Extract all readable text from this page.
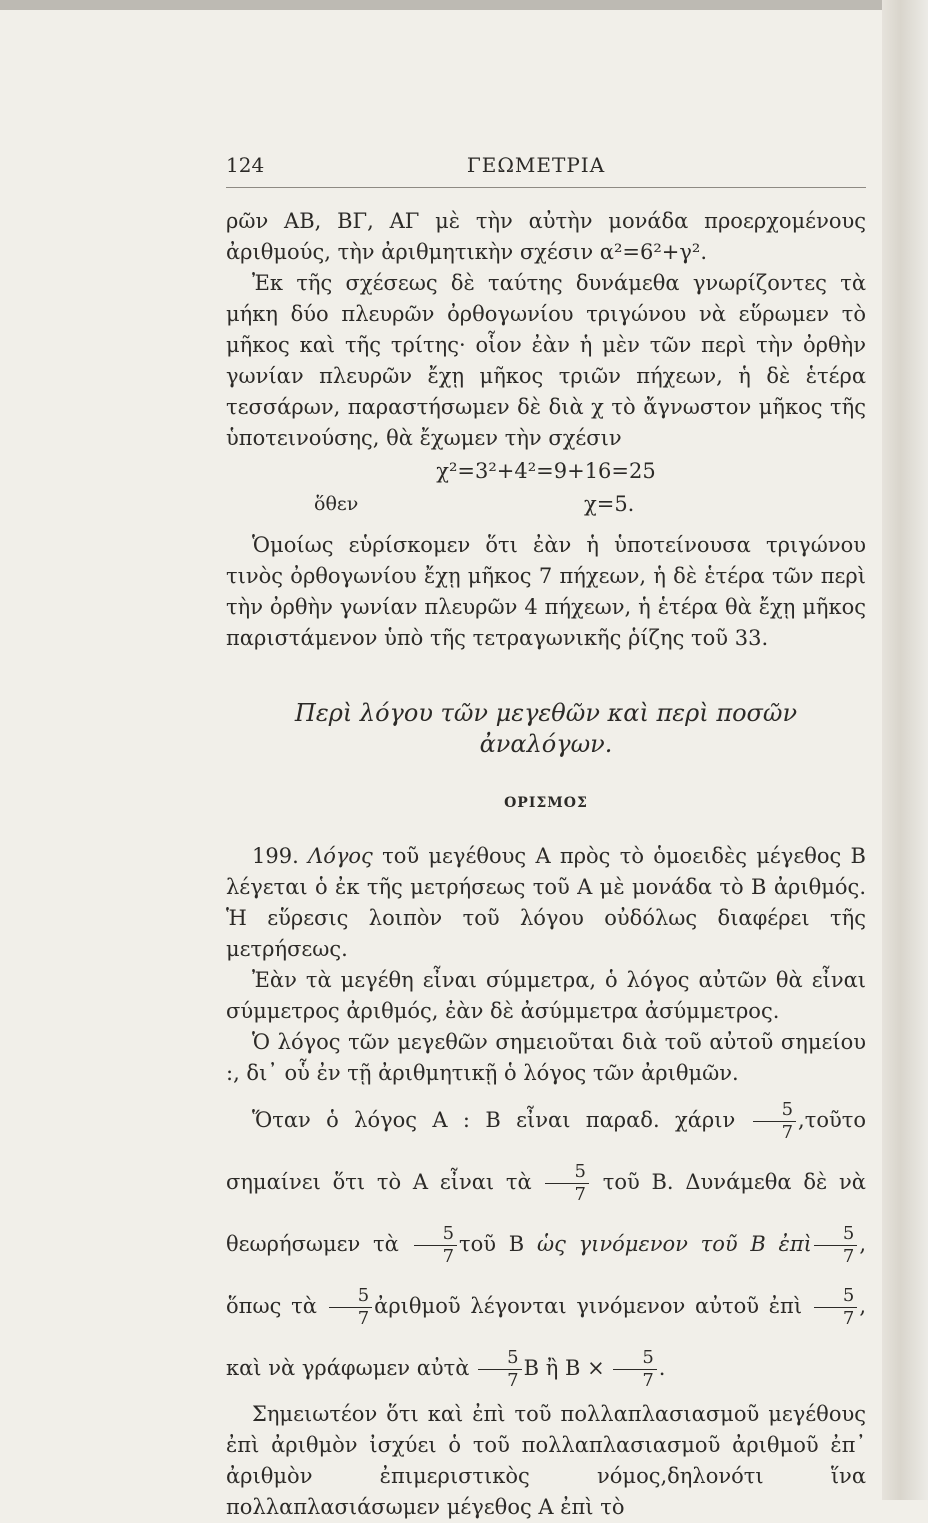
124	ΓΕΩΜΕΤΡΙΑ

ρῶν ΑΒ, ΒΓ, ΑΓ μὲ τὴν αὐτὴν μονάδα προερχομένους ἀριθμούς, τὴν ἀριθμητικὴν σχέσιν α²=6²+γ².

Ἐκ τῆς σχέσεως δὲ ταύτης δυνάμεθα γνωρίζοντες τὰ μήκη δύο πλευρῶν ὀρθογωνίου τριγώνου νὰ εὕρωμεν τὸ μῆκος καὶ τῆς τρίτης· οἷον ἐὰν ἡ μὲν τῶν περὶ τὴν ὀρθὴν γωνίαν πλευρῶν ἔχῃ μῆκος τριῶν πήχεων, ἡ δὲ ἑτέρα τεσσάρων, παραστήσωμεν δὲ διὰ χ τὸ ἄγνωστον μῆκος τῆς ὑποτεινούσης, θὰ ἔχωμεν τὴν σχέσιν

χ²=3²+4²=9+16=25
ὅθεν	χ=5.

Ὁμοίως εὑρίσκομεν ὅτι ἐὰν ἡ ὑποτείνουσα τριγώνου τινὸς ὀρθογωνίου ἔχῃ μῆκος 7 πήχεων, ἡ δὲ ἑτέρα τῶν περὶ τὴν ὀρθὴν γωνίαν πλευρῶν 4 πήχεων, ἡ ἑτέρα θὰ ἔχῃ μῆκος παριστάμενον ὑπὸ τῆς τετραγωνικῆς ῥίζης τοῦ 33.

Περὶ λόγου τῶν μεγεθῶν καὶ περὶ ποσῶν ἀναλόγων.
ΟΡΙΣΜΟΣ

199. Λόγος τοῦ μεγέθους Α πρὸς τὸ ὁμοειδὲς μέγεθος Β λέγεται ὁ ἐκ τῆς μετρήσεως τοῦ Α μὲ μονάδα τὸ Β ἀριθμός. Ἡ εὕρεσις λοιπὸν τοῦ λόγου οὐδόλως διαφέρει τῆς μετρήσεως.

Ἐὰν τὰ μεγέθη εἶναι σύμμετρα, ὁ λόγος αὐτῶν θὰ εἶναι σύμμετρος ἀριθμός, ἐὰν δὲ ἀσύμμετρα ἀσύμμετρος.

Ὁ λόγος τῶν μεγεθῶν σημειοῦται διὰ τοῦ αὐτοῦ σημείου :, δι᾽ οὗ ἐν τῇ ἀριθμητικῇ ὁ λόγος τῶν ἀριθμῶν.

Ὅταν ὁ λόγος Α : Β εἶναι παραδ. χάριν $\frac{5}{7}$ ,τοῦτο σημαίνει ὅτι τὸ Α εἶναι τὰ $\frac{5}{7}$ τοῦ Β. Δυνάμεθα δὲ νὰ θεωρήσωμεν τὰ $\frac{5}{7}$ τοῦ Β ὡς γινόμενον τοῦ Β ἐπὶ $\frac{5}{7}$ , ὅπως τὰ $\frac{5}{7}$ ἀριθμοῦ λέγονται γινόμενον αὐτοῦ ἐπὶ $\frac{5}{7}$ , καὶ νὰ γράφωμεν αὐτὰ $\frac{5}{7}$ Β ἢ $B \times \frac{5}{7}$ .

Σημειωτέον ὅτι καὶ ἐπὶ τοῦ πολλαπλασιασμοῦ μεγέθους ἐπὶ ἀριθμὸν ἰσχύει ὁ τοῦ πολλαπλασιασμοῦ ἀριθμοῦ ἐπ᾽ ἀριθμὸν ἐπιμεριστικὸς νόμος,δηλονότι ἵνα πολλαπλασιάσωμεν μέγεθος Α ἐπὶ τὸ
